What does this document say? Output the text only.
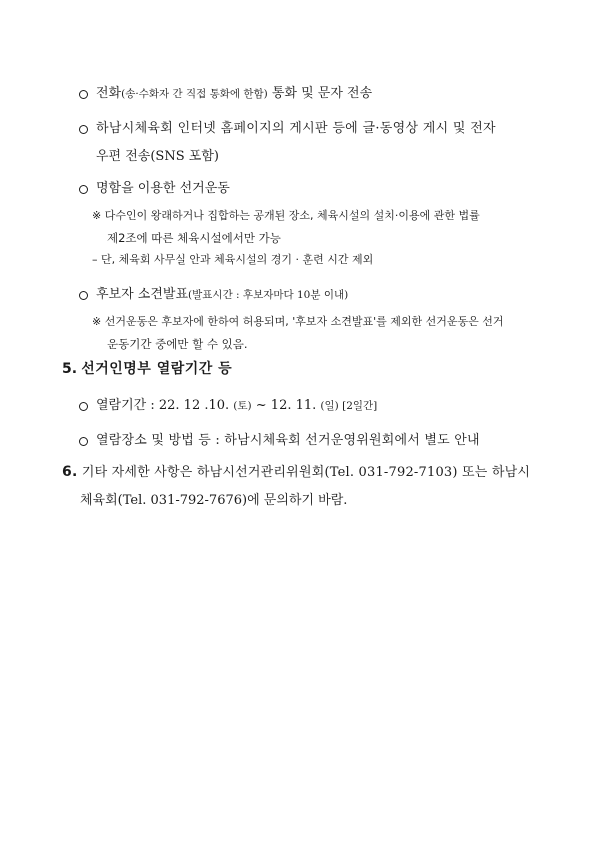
전화(송·수화자 간 직접 통화에 한함) 통화 및 문자 전송
하남시체육회 인터넷 홈페이지의 게시판 등에 글·동영상 게시 및 전자
우편 전송(SNS 포함)
명함을 이용한 선거운동
※ 다수인이 왕래하거나 집합하는 공개된 장소, 체육시설의 설치·이용에 관한 법률
제2조에 따른 체육시설에서만 가능
– 단, 체육회 사무실 안과 체육시설의 경기 · 훈련 시간 제외
후보자 소견발표(발표시간 : 후보자마다 10분 이내)
※ 선거운동은 후보자에 한하여 허용되며, '후보자 소견발표'를 제외한 선거운동은 선거
운동기간 중에만 할 수 있음.
5. 선거인명부 열람기간 등
열람기간 : 22. 12 .10. (토) ~ 12. 11. (일) [2일간]
열람장소 및 방법 등 : 하남시체육회 선거운영위원회에서 별도 안내
6. 기타 자세한 사항은 하남시선거관리위원회(Tel. 031-792-7103) 또는 하남시
체육회(Tel. 031-792-7676)에 문의하기 바람.
